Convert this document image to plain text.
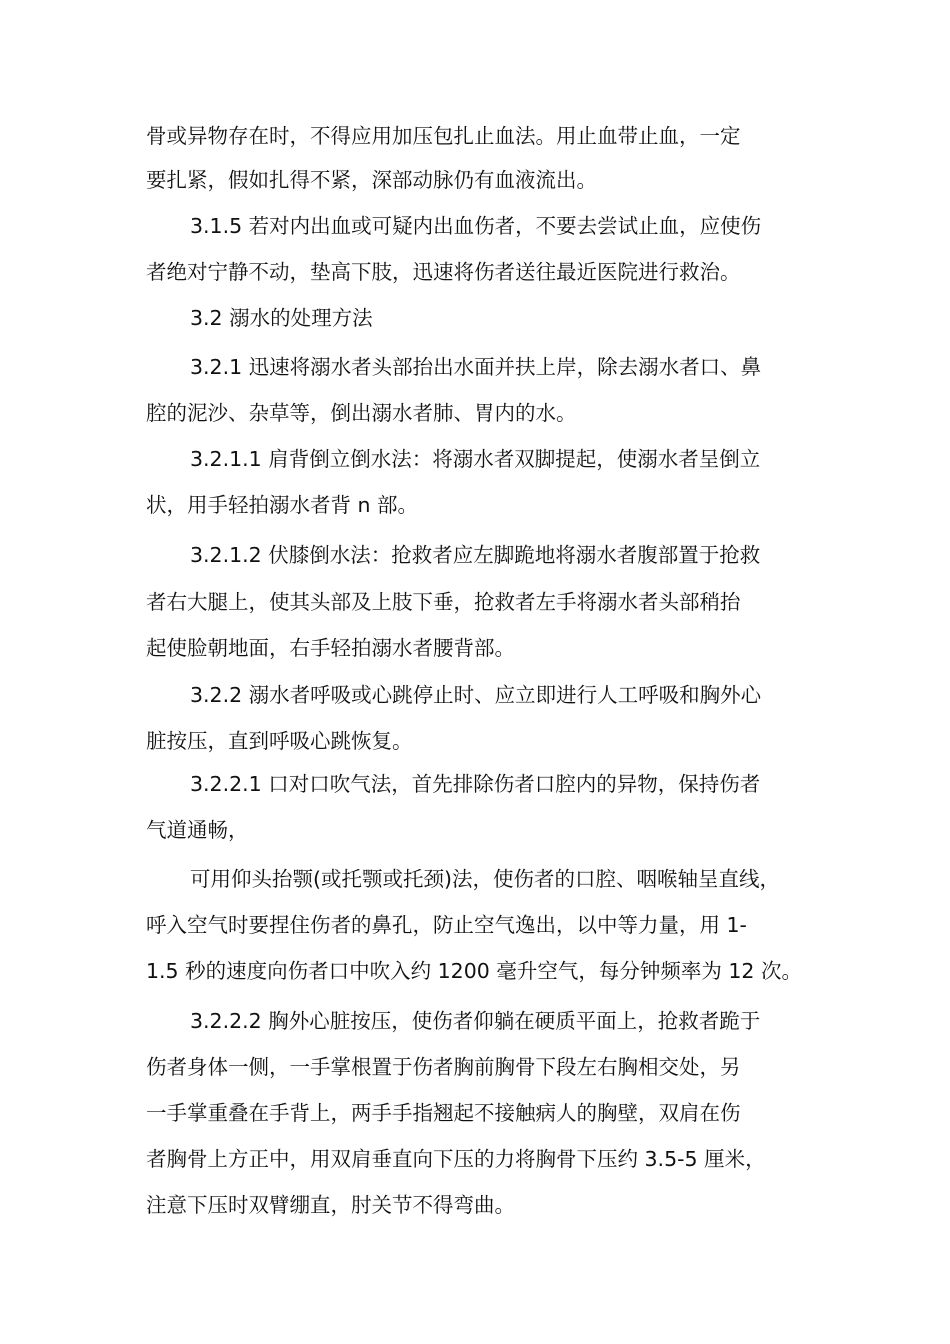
骨或异物存在时，不得应用加压包扎止血法。用止血带止血，一定
要扎紧，假如扎得不紧，深部动脉仍有血液流出。
3.1.5 若对内出血或可疑内出血伤者，不要去尝试止血，应使伤
者绝对宁静不动，垫高下肢，迅速将伤者送往最近医院进行救治。
3.2 溺水的处理方法
3.2.1 迅速将溺水者头部抬出水面并扶上岸，除去溺水者口、鼻
腔的泥沙、杂草等，倒出溺水者肺、胃内的水。
3.2.1.1 肩背倒立倒水法：将溺水者双脚提起，使溺水者呈倒立
状，用手轻拍溺水者背 n 部。
3.2.1.2 伏膝倒水法：抢救者应左脚跪地将溺水者腹部置于抢救
者右大腿上，使其头部及上肢下垂，抢救者左手将溺水者头部稍抬
起使脸朝地面，右手轻拍溺水者腰背部。
3.2.2 溺水者呼吸或心跳停止时、应立即进行人工呼吸和胸外心
脏按压，直到呼吸心跳恢复。
3.2.2.1 口对口吹气法，首先排除伤者口腔内的异物，保持伤者
气道通畅，
可用仰头抬颚(或托颚或托颈)法，使伤者的口腔、咽喉轴呈直线，
呼入空气时要捏住伤者的鼻孔，防止空气逸出，以中等力量，用 1-
1.5 秒的速度向伤者口中吹入约 1200 毫升空气，每分钟频率为 12 次。
3.2.2.2 胸外心脏按压，使伤者仰躺在硬质平面上，抢救者跪于
伤者身体一侧，一手掌根置于伤者胸前胸骨下段左右胸相交处，另
一手掌重叠在手背上，两手手指翘起不接触病人的胸壁，双肩在伤
者胸骨上方正中，用双肩垂直向下压的力将胸骨下压约 3.5-5 厘米，
注意下压时双臂绷直，肘关节不得弯曲。
